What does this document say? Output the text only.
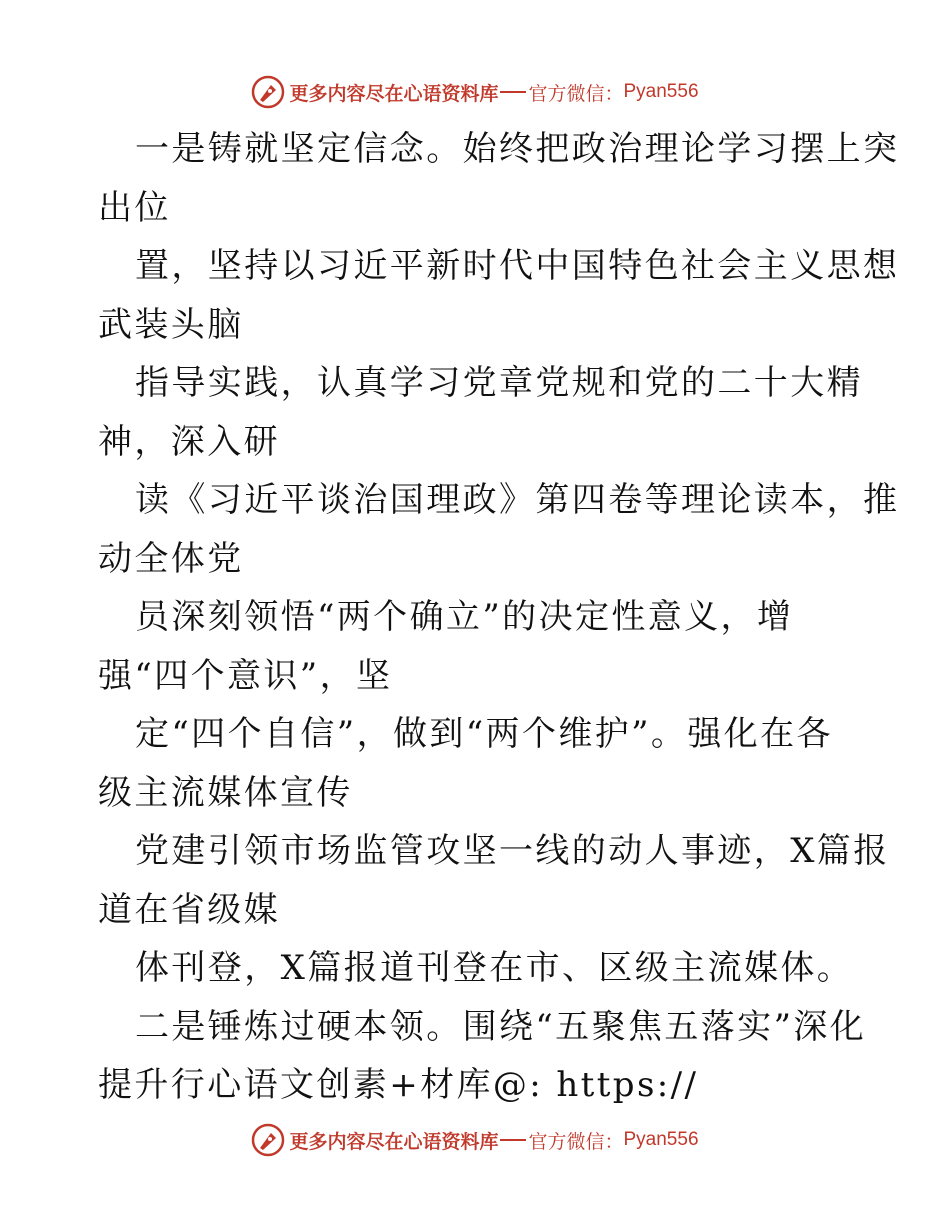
更多内容尽在心语资料库 官方微信： Pyan556
一是铸就坚定信念。始终把政治理论学习摆上突
出位
置，坚持以习近平新时代中国特色社会主义思想
武装头脑
指导实践，认真学习党章党规和党的二十大精
神，深入研
读《习近平谈治国理政》第四卷等理论读本，推
动全体党
员深刻领悟“两个确立”的决定性意义，增
强“四个意识”，坚
定“四个自信”，做到“两个维护”。强化在各
级主流媒体宣传
党建引领市场监管攻坚一线的动人事迹，X篇报
道在省级媒
体刊登，X篇报道刊登在市、区级主流媒体。
二是锤炼过硬本领。围绕“五聚焦五落实”深化
提升行心语文创素+材库@: https://
更多内容尽在心语资料库 官方微信： Pyan556
